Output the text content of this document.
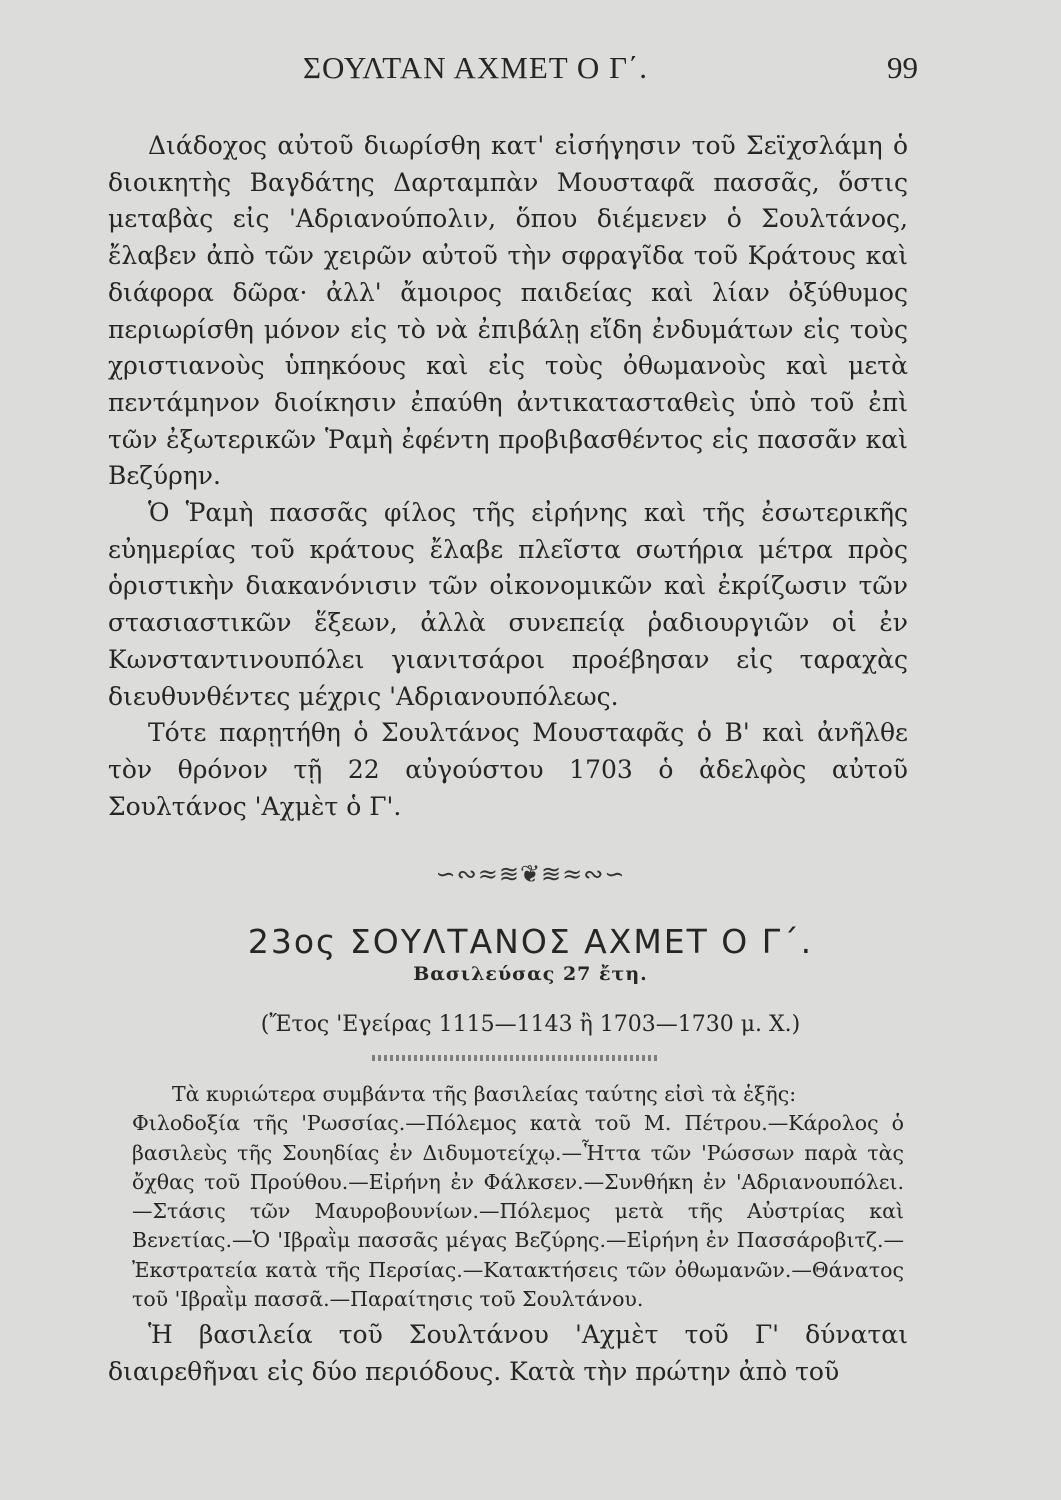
ΣΟΥΛΤΑΝ ΑΧΜΕΤ Ο Γ΄.	99

Διάδοχος αὐτοῦ διωρίσθη κατ' εἰσήγησιν τοῦ Σεϊχσλάμη ὁ διοικητὴς Βαγδάτης Δαρταμπὰν Μουσταφᾶ πασσᾶς, ὅστις μεταβὰς εἰς 'Αδριανούπολιν, ὅπου διέμενεν ὁ Σουλτάνος, ἔλαβεν ἀπὸ τῶν χειρῶν αὐτοῦ τὴν σφραγῖδα τοῦ Κράτους καὶ διάφορα δῶρα· ἀλλ' ἄμοιρος παιδείας καὶ λίαν ὀξύθυμος περιωρίσθη μόνον εἰς τὸ νὰ ἐπιβάλῃ εἴδη ἐνδυμάτων εἰς τοὺς χριστιανοὺς ὑπηκόους καὶ εἰς τοὺς ὀθωμανοὺς καὶ μετὰ πεντάμηνον διοίκησιν ἐπαύθη ἀντικατασταθεὶς ὑπὸ τοῦ ἐπὶ τῶν ἐξωτερικῶν Ῥαμὴ ἐφέντη προβιβασθέντος εἰς πασσᾶν καὶ Βεζύρην.

Ὁ Ῥαμὴ πασσᾶς φίλος τῆς εἰρήνης καὶ τῆς ἐσωτερικῆς εὐημερίας τοῦ κράτους ἔλαβε πλεῖστα σωτήρια μέτρα πρὸς ὁριστικὴν διακανόνισιν τῶν οἰκονομικῶν καὶ ἐκρίζωσιν τῶν στασιαστικῶν ἕξεων, ἀλλὰ συνεπείᾳ ῥαδιουργιῶν οἱ ἐν Κωνσταντινουπόλει γιανιτσάροι προέβησαν εἰς ταραχὰς διευθυνθέντες μέχρις 'Αδριανουπόλεως.

Τότε παρῃτήθη ὁ Σουλτάνος Μουσταφᾶς ὁ Β' καὶ ἀνῆλθε τὸν θρόνον τῇ 22 αὐγούστου 1703 ὁ ἀδελφὸς αὐτοῦ Σουλτάνος 'Αχμὲτ ὁ Γ'.

∽∾≈≋❦≋≈∾∽
23ος ΣΟΥΛΤΑΝΟΣ ΑΧΜΕΤ Ο Γ΄.
Βασιλεύσας 27 ἔτη.
(Ἔτος 'Εγείρας 1115—1143 ἢ 1703—1730 μ. Χ.)

Τὰ κυριώτερα συμβάντα τῆς βασιλείας ταύτης εἰσὶ τὰ ἑξῆς:

Φιλοδοξία τῆς 'Ρωσσίας.—Πόλεμος κατὰ τοῦ Μ. Πέτρου.—Κάρολος ὁ βασιλεὺς τῆς Σουηδίας ἐν Διδυμοτείχῳ.—Ἧττα τῶν 'Ρώσσων παρὰ τὰς ὄχθας τοῦ Προύθου.—Εἰρήνη ἐν Φάλκσεν.—Συνθήκη ἐν 'Αδριανουπόλει.—Στάσις τῶν Μαυροβουνίων.—Πόλεμος μετὰ τῆς Αὐστρίας καὶ Βενετίας.—Ὁ 'Ιβραῒμ πασσᾶς μέγας Βεζύρης.—Εἰρήνη ἐν Πασσάροβιτζ.—Ἐκστρατεία κατὰ τῆς Περσίας.—Κατακτήσεις τῶν ὀθωμανῶν.—Θάνατος τοῦ 'Ιβραῒμ πασσᾶ.—Παραίτησις τοῦ Σουλτάνου.

Ἡ βασιλεία τοῦ Σουλτάνου 'Αχμὲτ τοῦ Γ' δύναται διαιρεθῆναι εἰς δύο περιόδους. Κατὰ τὴν πρώτην ἀπὸ τοῦ
